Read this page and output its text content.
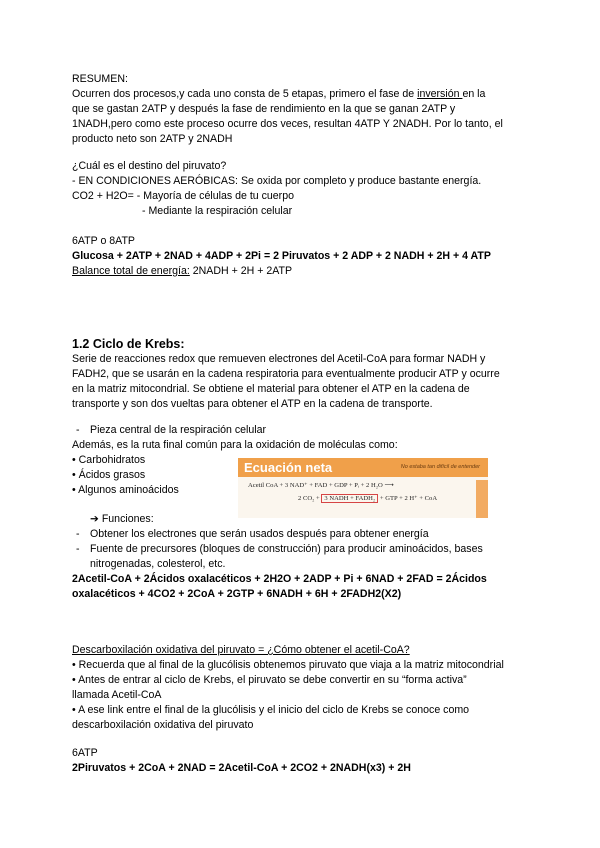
RESUMEN:
Ocurren dos procesos,y cada uno consta de 5 etapas, primero el fase de inversión en la
que se gastan 2ATP y después la fase de rendimiento en la que se ganan 2ATP y
1NADH,pero como este proceso ocurre dos veces, resultan 4ATP Y 2NADH. Por lo tanto, el
producto neto son 2ATP y 2NADH
¿Cuál es el destino del piruvato?
- EN CONDICIONES AERÓBICAS: Se oxida por completo y produce bastante energía.
CO2 + H2O= - Mayoría de células de tu cuerpo
- Mediante la respiración celular
6ATP o 8ATP
Glucosa + 2ATP + 2NAD + 4ADP + 2Pi = 2 Piruvatos + 2 ADP + 2 NADH + 2H + 4 ATP
Balance total de energía: 2NADH + 2H + 2ATP
1.2 Ciclo de Krebs:
Serie de reacciones redox que remueven electrones del Acetil-CoA para formar NADH y
FADH2, que se usarán en la cadena respiratoria para eventualmente producir ATP y ocurre
en la matriz mitocondrial. Se obtiene el material para obtener el ATP en la cadena de
transporte y son dos vueltas para obtener el ATP en la cadena de transporte.
- Pieza central de la respiración celular
Además, es la ruta final común para la oxidación de moléculas como:
• Carbohidratos
• Ácidos grasos
• Algunos aminoácidos
Ecuación neta	No estaba tan difícil de entender
Acetil CoA + 3 NAD⁺ + FAD + GDP + Pᵢ + 2 H₂O ⟶
2 CO₂ + 3 NADH + FADH₂ + GTP + 2 H⁺ + CoA
➔ Funciones:
- Obtener los electrones que serán usados después para obtener energía
- Fuente de precursores (bloques de construcción) para producir aminoácidos, bases
nitrogenadas, colesterol, etc.
2Acetil-CoA + 2Ácidos oxalacéticos + 2H2O + 2ADP + Pi + 6NAD + 2FAD = 2Ácidos
oxalacéticos + 4CO2 + 2CoA + 2GTP + 6NADH + 6H + 2FADH2(X2)
Descarboxilación oxidativa del piruvato = ¿Cómo obtener el acetil-CoA?
• Recuerda que al final de la glucólisis obtenemos piruvato que viaja a la matriz mitocondrial
• Antes de entrar al ciclo de Krebs, el piruvato se debe convertir en su “forma activa”
llamada Acetil-CoA
• A ese link entre el final de la glucólisis y el inicio del ciclo de Krebs se conoce como
descarboxilación oxidativa del piruvato
6ATP
2Piruvatos + 2CoA + 2NAD = 2Acetil-CoA + 2CO2 + 2NADH(x3) + 2H
